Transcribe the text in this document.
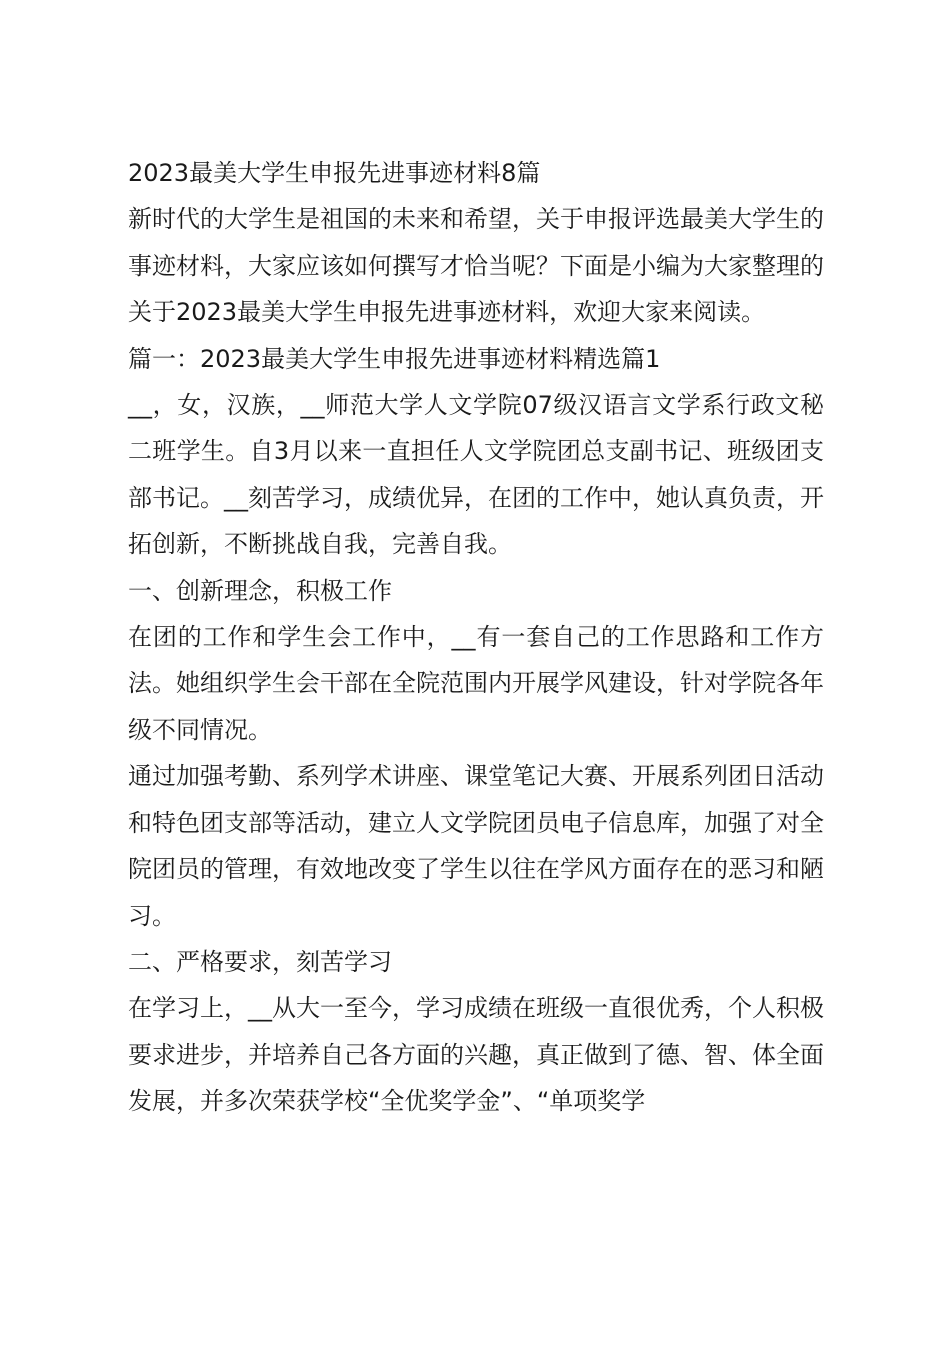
2023最美大学生申报先进事迹材料8篇

新时代的大学生是祖国的未来和希望，关于申报评选最美大学生的事迹材料，大家应该如何撰写才恰当呢？下面是小编为大家整理的关于2023最美大学生申报先进事迹材料，欢迎大家来阅读。

篇一：2023最美大学生申报先进事迹材料精选篇1

__，女，汉族，__师范大学人文学院07级汉语言文学系行政文秘二班学生。自3月以来一直担任人文学院团总支副书记、班级团支部书记。__刻苦学习，成绩优异，在团的工作中，她认真负责，开拓创新，不断挑战自我，完善自我。

一、创新理念，积极工作

在团的工作和学生会工作中，__有一套自己的工作思路和工作方法。她组织学生会干部在全院范围内开展学风建设，针对学院各年级不同情况。

通过加强考勤、系列学术讲座、课堂笔记大赛、开展系列团日活动和特色团支部等活动，建立人文学院团员电子信息库，加强了对全院团员的管理，有效地改变了学生以往在学风方面存在的恶习和陋习。

二、严格要求，刻苦学习

在学习上，__从大一至今，学习成绩在班级一直很优秀，个人积极要求进步，并培养自己各方面的兴趣，真正做到了德、智、体全面发展，并多次荣获学校“全优奖学金”、“单项奖学
